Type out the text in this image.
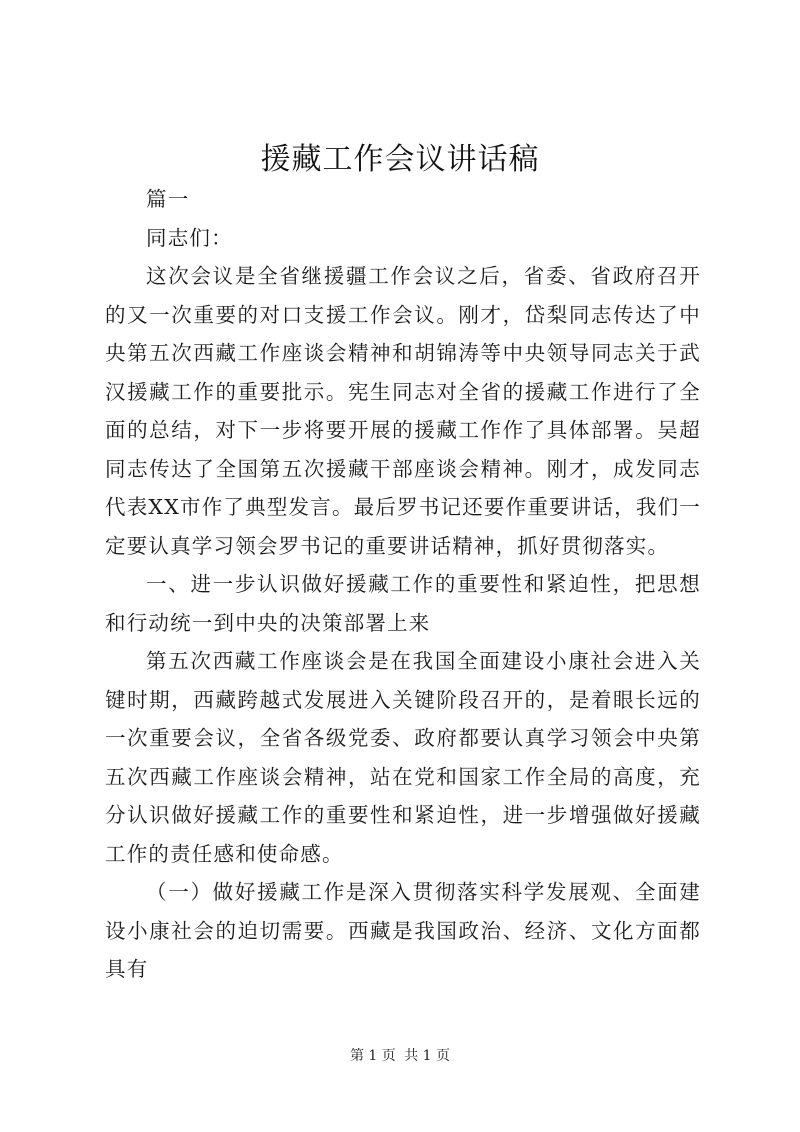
援藏工作会议讲话稿

篇一

同志们：

这次会议是全省继援疆工作会议之后，省委、省政府召开的又一次重要的对口支援工作会议。刚才，岱梨同志传达了中央第五次西藏工作座谈会精神和胡锦涛等中央领导同志关于武汉援藏工作的重要批示。宪生同志对全省的援藏工作进行了全面的总结，对下一步将要开展的援藏工作作了具体部署。吴超同志传达了全国第五次援藏干部座谈会精神。刚才，成发同志代表XX市作了典型发言。最后罗书记还要作重要讲话，我们一定要认真学习领会罗书记的重要讲话精神，抓好贯彻落实。

一、进一步认识做好援藏工作的重要性和紧迫性，把思想和行动统一到中央的决策部署上来

第五次西藏工作座谈会是在我国全面建设小康社会进入关键时期，西藏跨越式发展进入关键阶段召开的，是着眼长远的一次重要会议，全省各级党委、政府都要认真学习领会中央第五次西藏工作座谈会精神，站在党和国家工作全局的高度，充分认识做好援藏工作的重要性和紧迫性，进一步增强做好援藏工作的责任感和使命感。

（一）做好援藏工作是深入贯彻落实科学发展观、全面建设小康社会的迫切需要。西藏是我国政治、经济、文化方面都具有

第 1 页 共 1 页
